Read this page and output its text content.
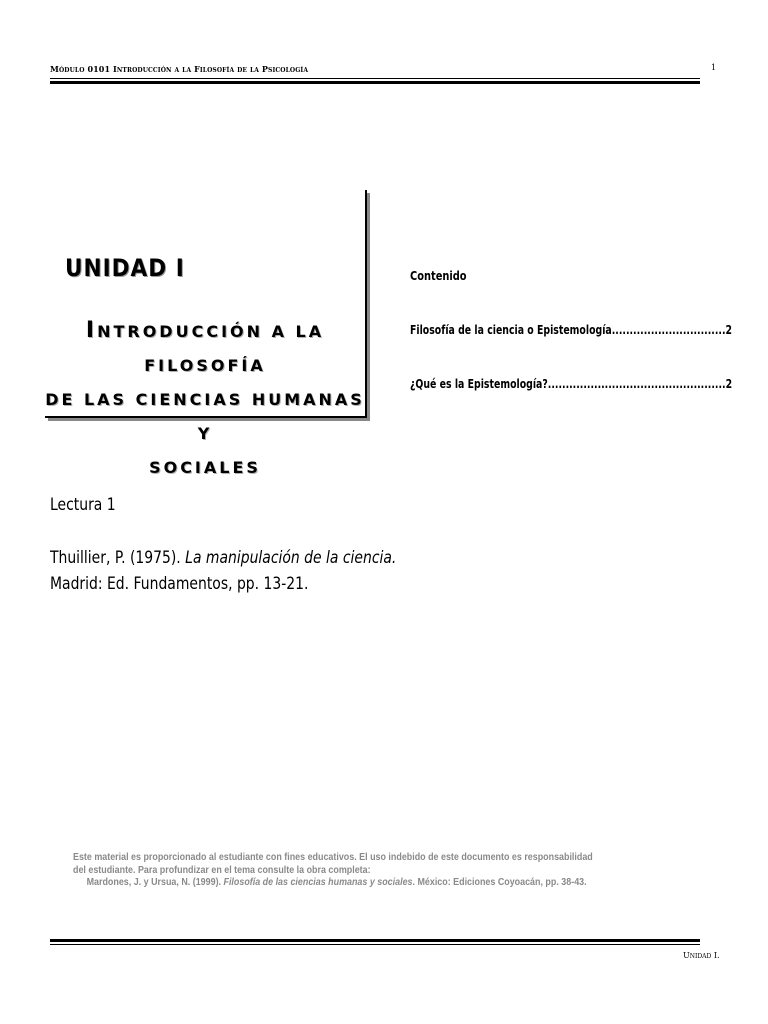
Módulo 0101 Introducción a la Filosofía de la Psicología	1
UNIDAD I
INTRODUCCIÓN A LA FILOSOFÍA
DE LAS CIENCIAS HUMANAS Y
SOCIALES
Contenido
Filosofía de la ciencia o Epistemología................................2
¿Qué es la Epistemología?..................................................2
Lectura 1
Thuillier, P. (1975). La manipulación de la ciencia.
Madrid: Ed. Fundamentos, pp. 13-21.
Este material es proporcionado al estudiante con fines educativos. El uso indebido de este documento es responsabilidad
del estudiante. Para profundizar en el tema consulte la obra completa:
Mardones, J. y Ursua, N. (1999). Filosofía de las ciencias humanas y sociales. México: Ediciones Coyoacán, pp. 38-43.
Unidad I.
